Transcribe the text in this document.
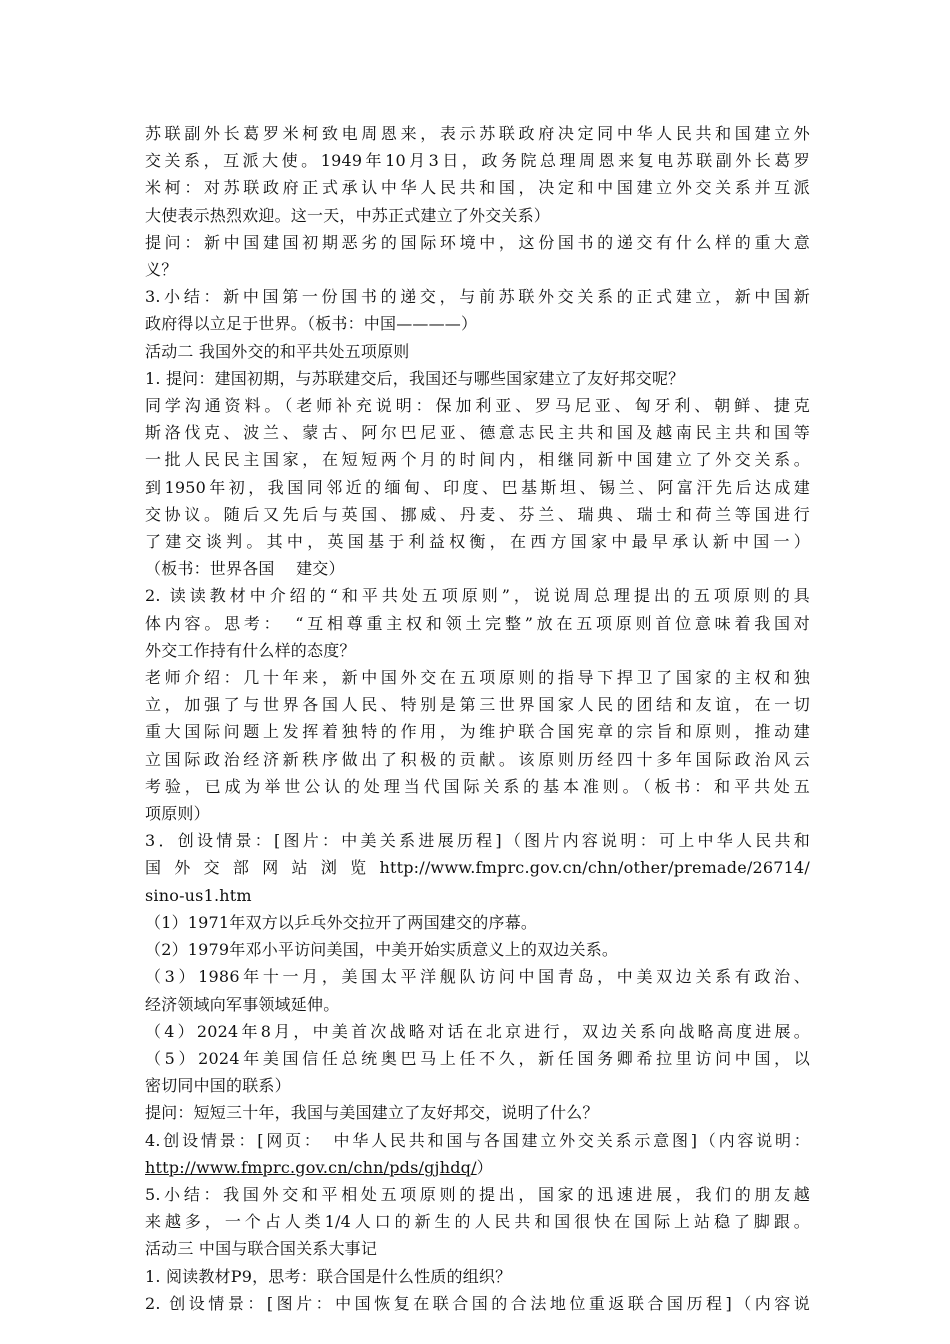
苏联副外长葛罗米柯致电周恩来，表示苏联政府决定同中华人民共和国建立外

交关系，互派大使。1949年10月3日，政务院总理周恩来复电苏联副外长葛罗

米柯：对苏联政府正式承认中华人民共和国，决定和中国建立外交关系并互派

大使表示热烈欢迎。这一天，中苏正式建立了外交关系）

提问：新中国建国初期恶劣的国际环境中，这份国书的递交有什么样的重大意

义？

3.小结：新中国第一份国书的递交，与前苏联外交关系的正式建立，新中国新

政府得以立足于世界。（板书：中国————）

活动二 我国外交的和平共处五项原则

1. 提问：建国初期，与苏联建交后，我国还与哪些国家建立了友好邦交呢？

同学沟通资料。（老师补充说明：保加利亚、罗马尼亚、匈牙利、朝鲜、捷克

斯洛伐克、波兰、蒙古、阿尔巴尼亚、德意志民主共和国及越南民主共和国等

一批人民民主国家，在短短两个月的时间内，相继同新中国建立了外交关系。

到1950年初，我国同邻近的缅甸、印度、巴基斯坦、锡兰、阿富汗先后达成建

交协议。随后又先后与英国、挪威、丹麦、芬兰、瑞典、瑞士和荷兰等国进行

了建交谈判。其中，英国基于利益权衡，在西方国家中最早承认新中国一）

（板书：世界各国　 建交）

2. 读读教材中介绍的“和平共处五项原则”，说说周总理提出的五项原则的具

体内容。思考：　“互相尊重主权和领土完整”放在五项原则首位意味着我国对

外交工作持有什么样的态度？

老师介绍：几十年来，新中国外交在五项原则的指导下捍卫了国家的主权和独

立，加强了与世界各国人民、特别是第三世界国家人民的团结和友谊，在一切

重大国际问题上发挥着独特的作用，为维护联合国宪章的宗旨和原则，推动建

立国际政治经济新秩序做出了积极的贡献。该原则历经四十多年国际政治风云

考验，已成为举世公认的处理当代国际关系的基本准则。（板书：和平共处五

项原则）

3．创设情景：[图片：中美关系进展历程]（图片内容说明：可上中华人民共和

国 外 交 部 网 站 浏 览 http://www.fmprc.gov.cn/chn/other/premade/26714/

sino-us1.htm

（1）1971年双方以乒乓外交拉开了两国建交的序幕。

（2）1979年邓小平访问美国，中美开始实质意义上的双边关系。

（3）1986年十一月，美国太平洋舰队访问中国青岛，中美双边关系有政治、

经济领域向军事领域延伸。

（4）2024年8月，中美首次战略对话在北京进行，双边关系向战略高度进展。

（5）2024年美国信任总统奥巴马上任不久，新任国务卿希拉里访问中国，以

密切同中国的联系）

提问：短短三十年，我国与美国建立了友好邦交，说明了什么？

4.创设情景：[网页：　中华人民共和国与各国建立外交关系示意图]（内容说明：

http://www.fmprc.gov.cn/chn/pds/gjhdq/）

5.小结：我国外交和平相处五项原则的提出，国家的迅速进展，我们的朋友越

来越多，一个占人类1/4人口的新生的人民共和国很快在国际上站稳了脚跟。

活动三 中国与联合国关系大事记

1. 阅读教材P9，思考：联合国是什么性质的组织？

2. 创设情景：[图片：中国恢复在联合国的合法地位重返联合国历程]（内容说
